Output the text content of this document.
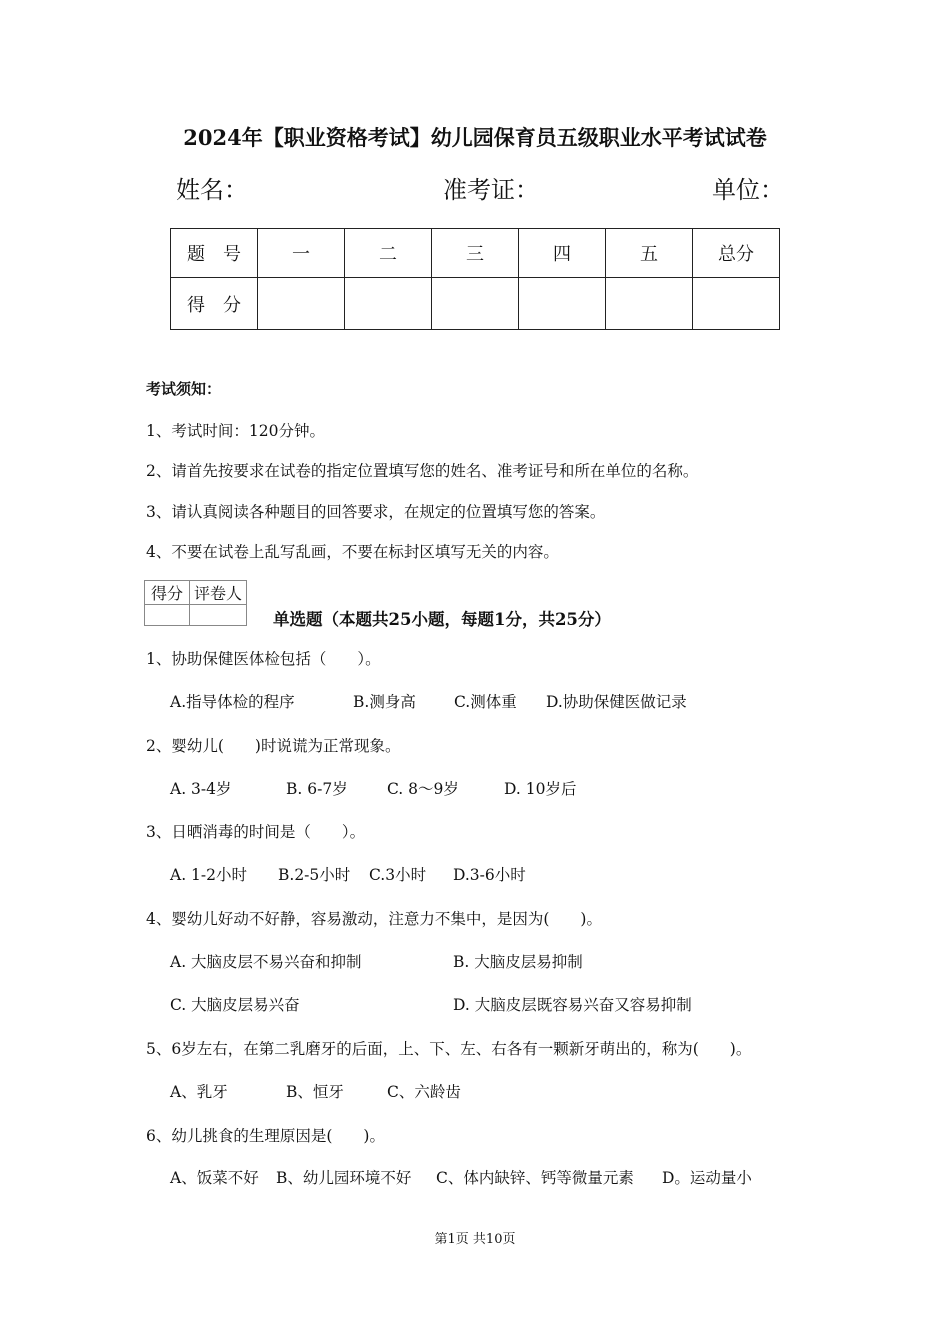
2024年【职业资格考试】幼儿园保育员五级职业水平考试试卷
姓名：	准考证：	单位：
题　号	一	二	三	四	五	总分
得　分						
考试须知：
1、考试时间：120分钟。
2、请首先按要求在试卷的指定位置填写您的姓名、准考证号和所在单位的名称。
3、请认真阅读各种题目的回答要求，在规定的位置填写您的答案。
4、不要在试卷上乱写乱画，不要在标封区填写无关的内容。
得分	评卷人

单选题（本题共25小题，每题1分，共25分）
1、协助保健医体检包括（　　）。
A.指导体检的程序	B.测身高 C.测体重 D.协助保健医做记录
2、婴幼儿(　　)时说谎为正常现象。
A. 3-4岁	B. 6-7岁	C. 8～9岁	D. 10岁后
3、日晒消毒的时间是（　　）。
A. 1-2小时 B.2-5小时 C.3小时 D.3-6小时
4、婴幼儿好动不好静，容易激动，注意力不集中，是因为(　　)。
A. 大脑皮层不易兴奋和抑制	B. 大脑皮层易抑制
C. 大脑皮层易兴奋	D. 大脑皮层既容易兴奋又容易抑制
5、6岁左右，在第二乳磨牙的后面，上、下、左、右各有一颗新牙萌出的，称为(　　)。
A、乳牙	B、恒牙	C、六龄齿
6、幼儿挑食的生理原因是(　　)。
A、饭菜不好 B、幼儿园环境不好 C、体内缺锌、钙等微量元素 D。运动量小
第1页 共10页
